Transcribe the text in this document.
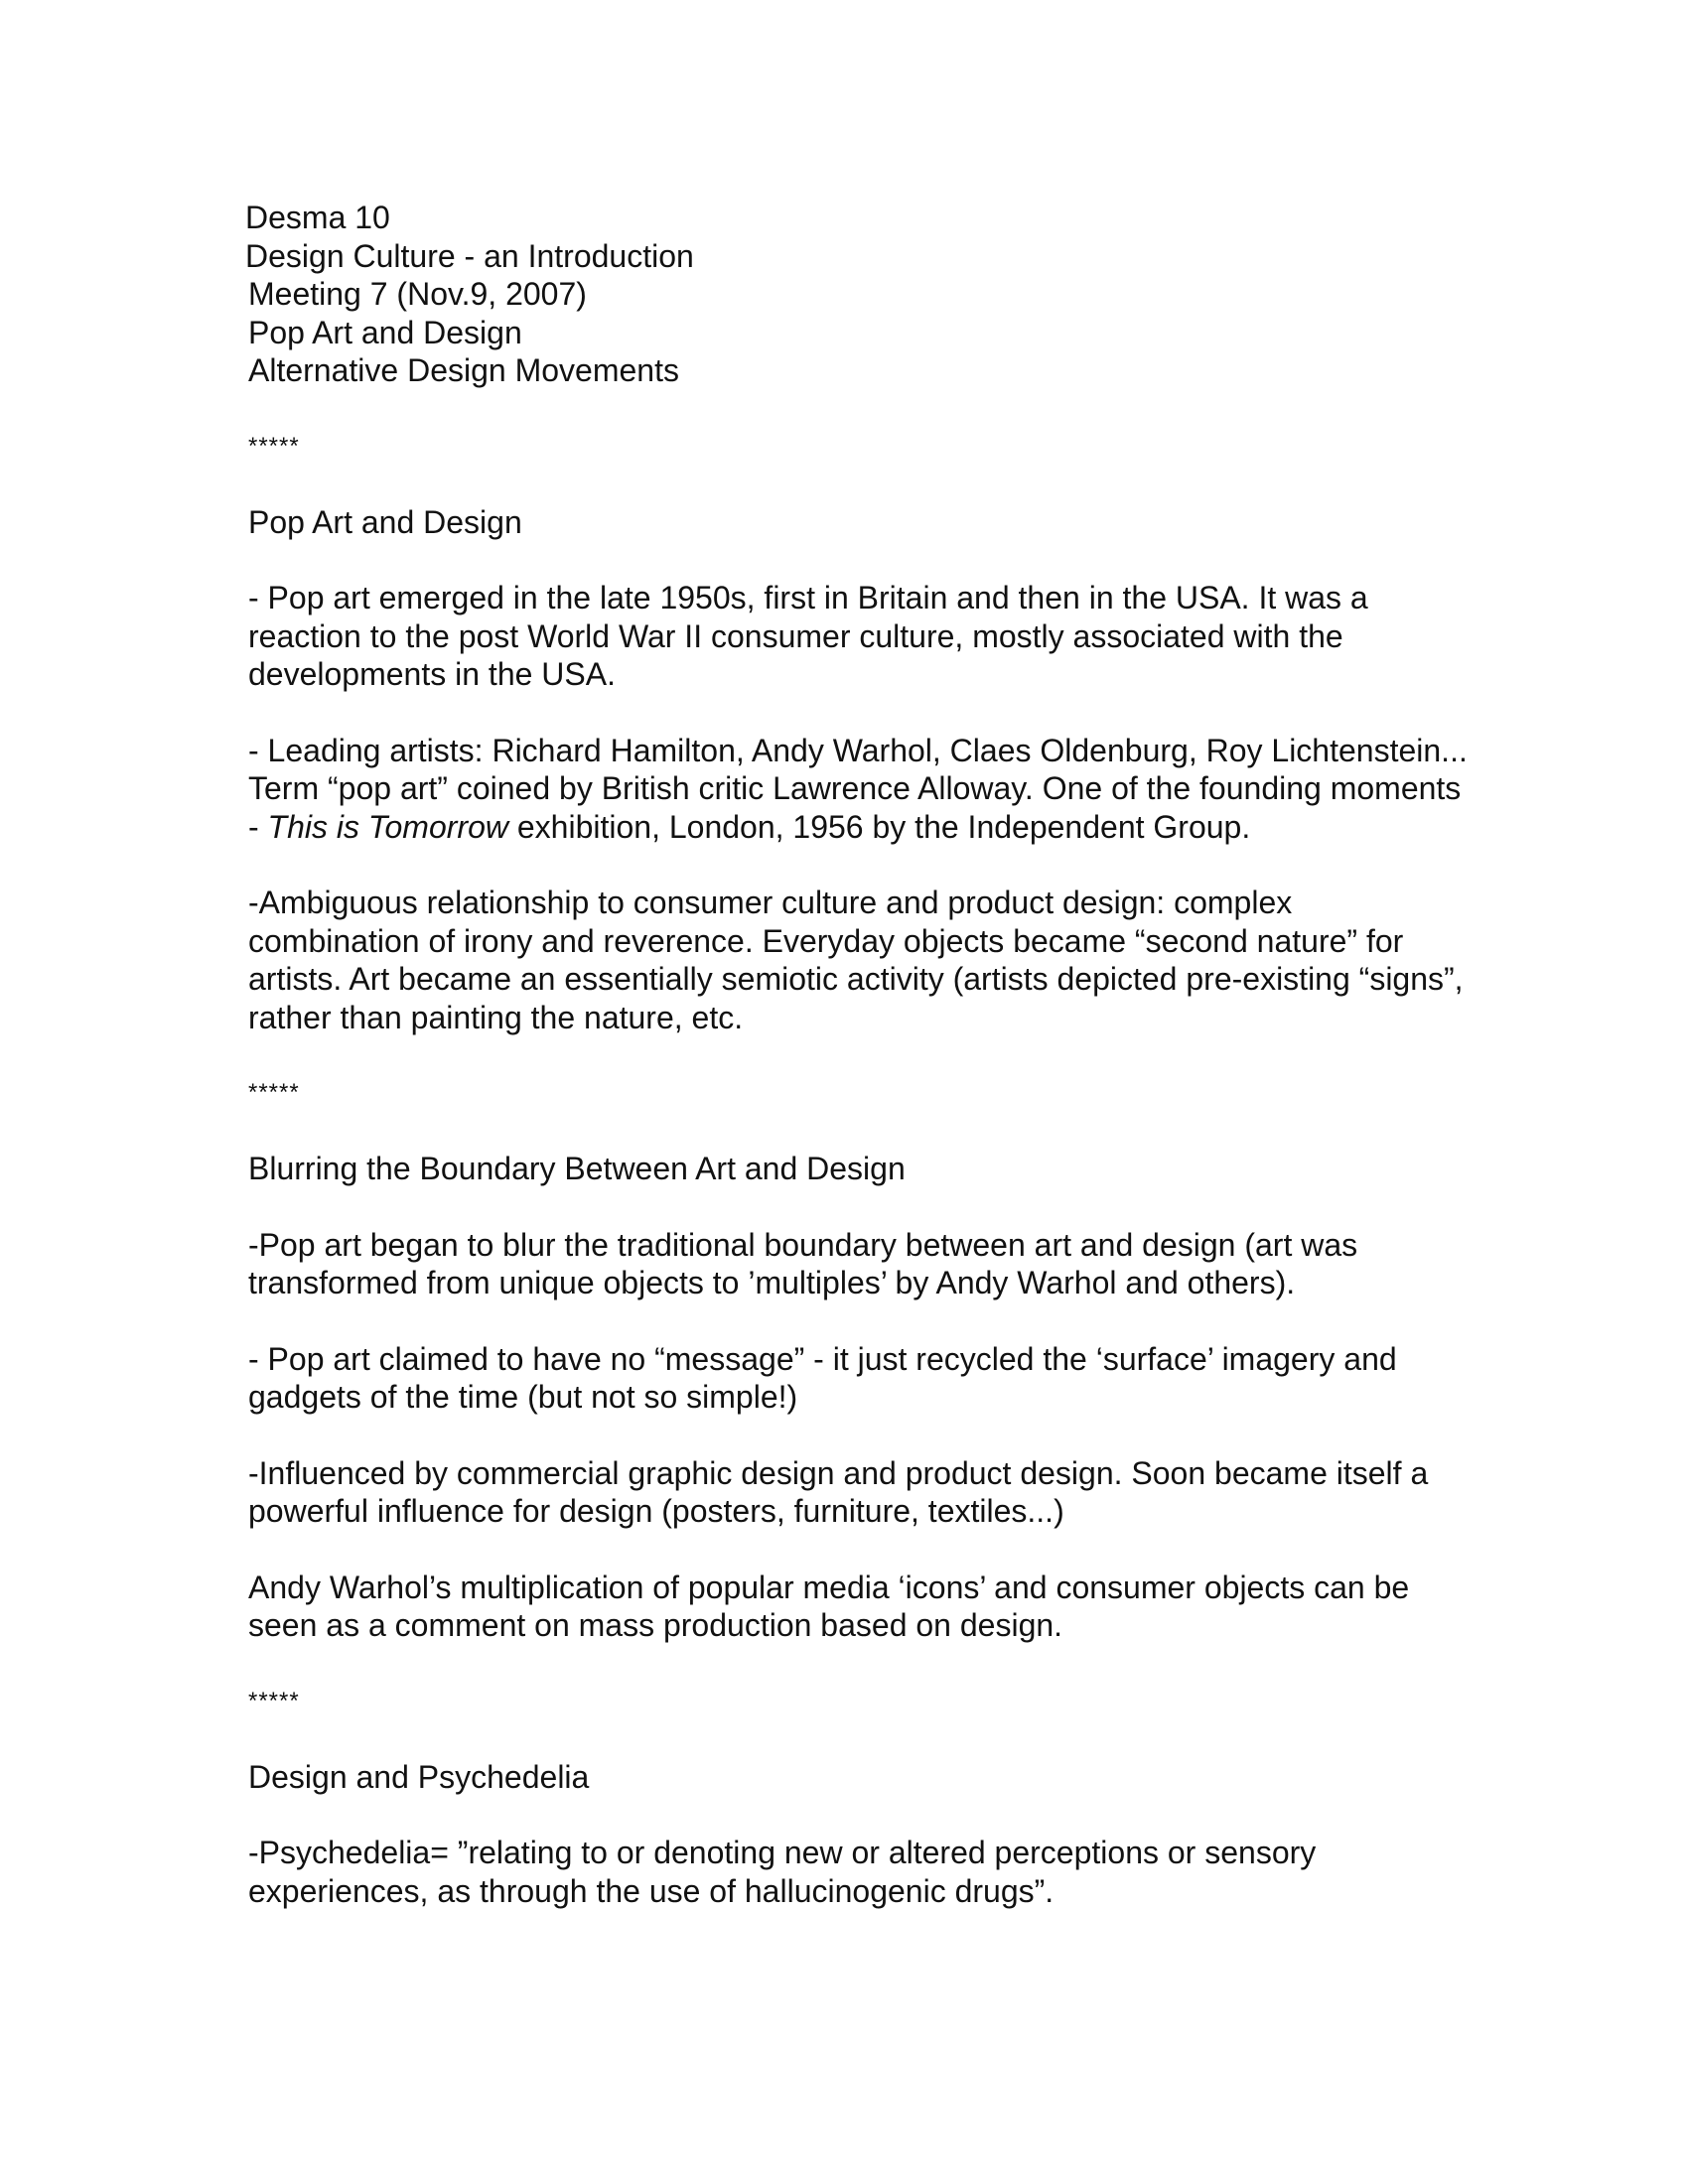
Desma 10

Design Culture - an Introduction

Meeting 7 (Nov.9, 2007)

Pop Art and Design

Alternative Design Movements

*****

Pop Art and Design

- Pop art emerged in the late 1950s, first in Britain and then in the USA. It was a reaction to the post World War II consumer culture, mostly associated with the developments in the USA.

- Leading artists: Richard Hamilton, Andy Warhol, Claes Oldenburg, Roy Lichtenstein... Term “pop art” coined by British critic Lawrence Alloway. One of the founding moments - This is Tomorrow exhibition, London, 1956 by the Independent Group.

-Ambiguous relationship to consumer culture and product design: complex combination of irony and reverence. Everyday objects became “second nature” for artists. Art became an essentially semiotic activity (artists depicted pre-existing “signs”, rather than painting the nature, etc.

*****

Blurring the Boundary Between Art and Design

-Pop art began to blur the traditional boundary between art and design (art was transformed from unique objects to ’multiples’ by Andy Warhol and others).

- Pop art claimed to have no “message” - it just recycled the ‘surface’ imagery and gadgets of the time (but not so simple!)

-Influenced by commercial graphic design and product design. Soon became itself a powerful influence for design (posters, furniture, textiles...)

Andy Warhol’s multiplication of popular media ‘icons’ and consumer objects can be seen as a comment on mass production based on design.

*****

Design and Psychedelia

-Psychedelia= ”relating to or denoting new or altered perceptions or sensory experiences, as through the use of hallucinogenic drugs”.
